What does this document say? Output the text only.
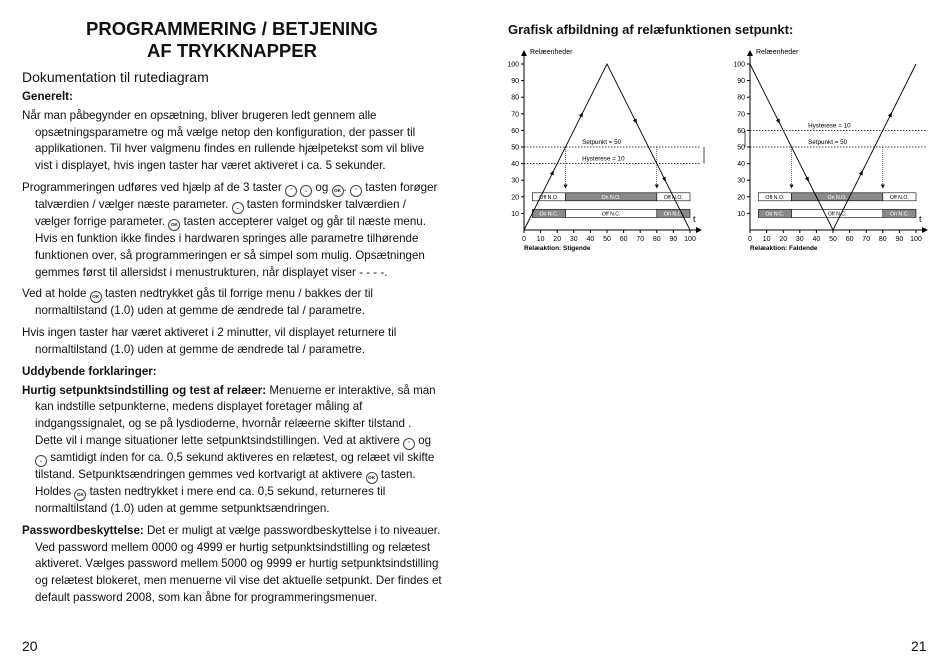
PROGRAMMERING / BETJENING
AF TRYKKNAPPER
Dokumentation til rutediagram
Generelt:

Når man påbegynder en opsætning, bliver brugeren ledt gennem alle opsætningsparametre og må vælge netop den konfiguration, der passer til applikationen. Til hver valgmenu findes en rullende hjælpetekst som vil blive vist i displayet, hvis ingen taster har været aktiveret i ca. 5 sekunder.

Programmeringen udføres ved hjælp af de 3 taster ⌃ ⌄ og OK . ⌃ tasten forøger talværdien / vælger næste parameter. ⌄ tasten formindsker talværdien / vælger forrige parameter. OK tasten accepterer valget og går til næste menu. Hvis en funktion ikke findes i hardwaren springes alle parametre tilhørende funktionen over, så programmeringen er så simpel som mulig. Opsætningen gemmes først til allersidst i menustrukturen, når displayet viser - - - -.

Ved at holde OK tasten nedtrykket gås til forrige menu / bakkes der til normaltilstand (1.0) uden at gemme de ændrede tal / parametre.

Hvis ingen taster har været aktiveret i 2 minutter, vil displayet returnere til normaltilstand (1.0) uden at gemme de ændrede tal / parametre.

Uddybende forklaringer:

Hurtig setpunktsindstilling og test af relæer: Menuerne er interaktive, så man kan indstille setpunkterne, medens displayet foretager måling af indgangssignalet, og se på lysdioderne, hvornår relæerne skifter tilstand . Dette vil i mange situationer lette setpunktsindstillingen. Ved at aktivere ⌃ og ⌄ samtidigt inden for ca. 0,5 sekund aktiveres en relætest, og relæet vil skifte tilstand. Setpunktsændringen gemmes ved kortvarigt at aktivere OK tasten. Holdes OK tasten nedtrykket i mere end ca. 0,5 sekund, returneres til normaltilstand (1.0) uden at gemme setpunktsændringen.

Passwordbeskyttelse: Det er muligt at vælge passwordbeskyttelse i to niveauer. Ved password mellem 0000 og 4999 er hurtig setpunktsindstilling og relætest aktiveret. Vælges password mellem 5000 og 9999 er hurtig setpunktsindstilling og relætest blokeret, men menuerne vil vise det aktuelle setpunkt. Der findes et default password 2008, som kan åbne for programmeringsmenuer.

20	21
Grafisk afbildning af relæfunktionen setpunkt:
Relæenheder
t
10
20
30
40
50
60
70
80
90
100
0 10 20 30 40 50 60 70 80 90 100
Relæaktion: Stigende
Setpunkt = 50
Hysterese = 10
Off N.O.	On N.O.	Off N.O.
On N.C.	Off N.C.	On N.C.
Relæenheder
t
10
20
30
40
50
60
70
80
90
100
0 10 20 30 40 50 60 70 80 90 100
Relæaktion: Faldende
Setpunkt = 50
Hysterese = 10
Off N.O.	On N.O.	Off N.O.
On N.C.	Off N.C.	On N.C.
